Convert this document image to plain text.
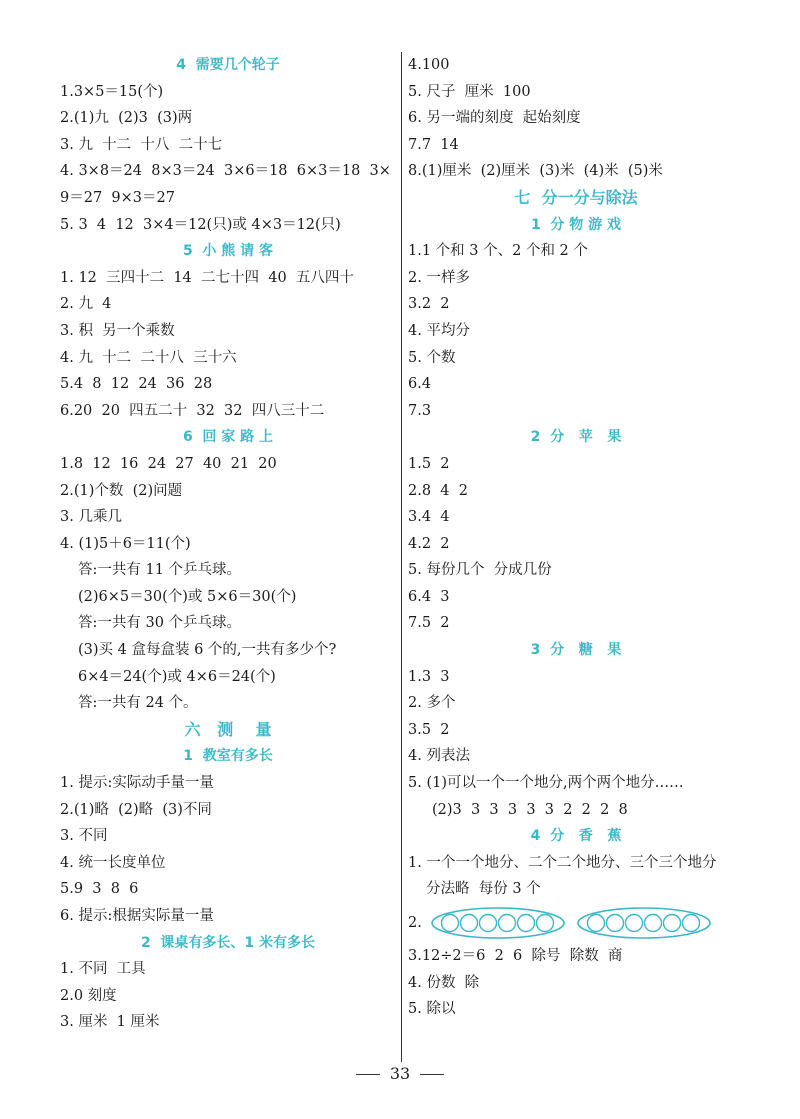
4  需要几个轮子
1.3×5＝15(个)
2.(1)九  (2)3  (3)两
3. 九  十二  十八  二十七
4. 3×8＝24  8×3＝24  3×6＝18  6×3＝18  3×
9＝27  9×3＝27
5. 3  4  12  3×4＝12(只)或 4×3＝12(只)
5  小 熊 请 客
1. 12  三四十二  14  二七十四  40  五八四十
2. 九  4
3. 积  另一个乘数
4. 九  十二  二十八  三十六
5.4  8  12  24  36  28
6.20  20  四五二十  32  32  四八三十二
6  回 家 路 上
1.8  12  16  24  27  40  21  20
2.(1)个数  (2)问题
3. 几乘几
4. (1)5＋6＝11(个)
答:一共有 11 个乒乓球。
(2)6×5＝30(个)或 5×6＝30(个)
答:一共有 30 个乒乓球。
(3)买 4 盒每盒装 6 个的,一共有多少个?
6×4＝24(个)或 4×6＝24(个)
答:一共有 24 个。
六   测    量
1  教室有多长
1. 提示:实际动手量一量
2.(1)略  (2)略  (3)不同
3. 不同
4. 统一长度单位
5.9  3  8  6
6. 提示:根据实际量一量
2  课桌有多长、1 米有多长
1. 不同  工具
2.0 刻度
3. 厘米  1 厘米
4.100
5. 尺子  厘米  100
6. 另一端的刻度  起始刻度
7.7  14
8.(1)厘米  (2)厘米  (3)米  (4)米  (5)米
七  分一分与除法
1  分 物 游 戏
1.1 个和 3 个、2 个和 2 个
2. 一样多
3.2  2
4. 平均分
5. 个数
6.4
7.3
2  分   苹   果
1.5  2
2.8  4  2
3.4  4
4.2  2
5. 每份几个  分成几份
6.4  3
7.5  2
3  分   糖   果
1.3  3
2. 多个
3.5  2
4. 列表法
5. (1)可以一个一个地分,两个两个地分……
(2)3  3  3  3  3  3  2  2  2  8
4  分   香   蕉
1. 一个一个地分、二个二个地分、三个三个地分
分法略  每份 3 个
2.
3.12÷2＝6  2  6  除号  除数  商
4. 份数  除
5. 除以
33
